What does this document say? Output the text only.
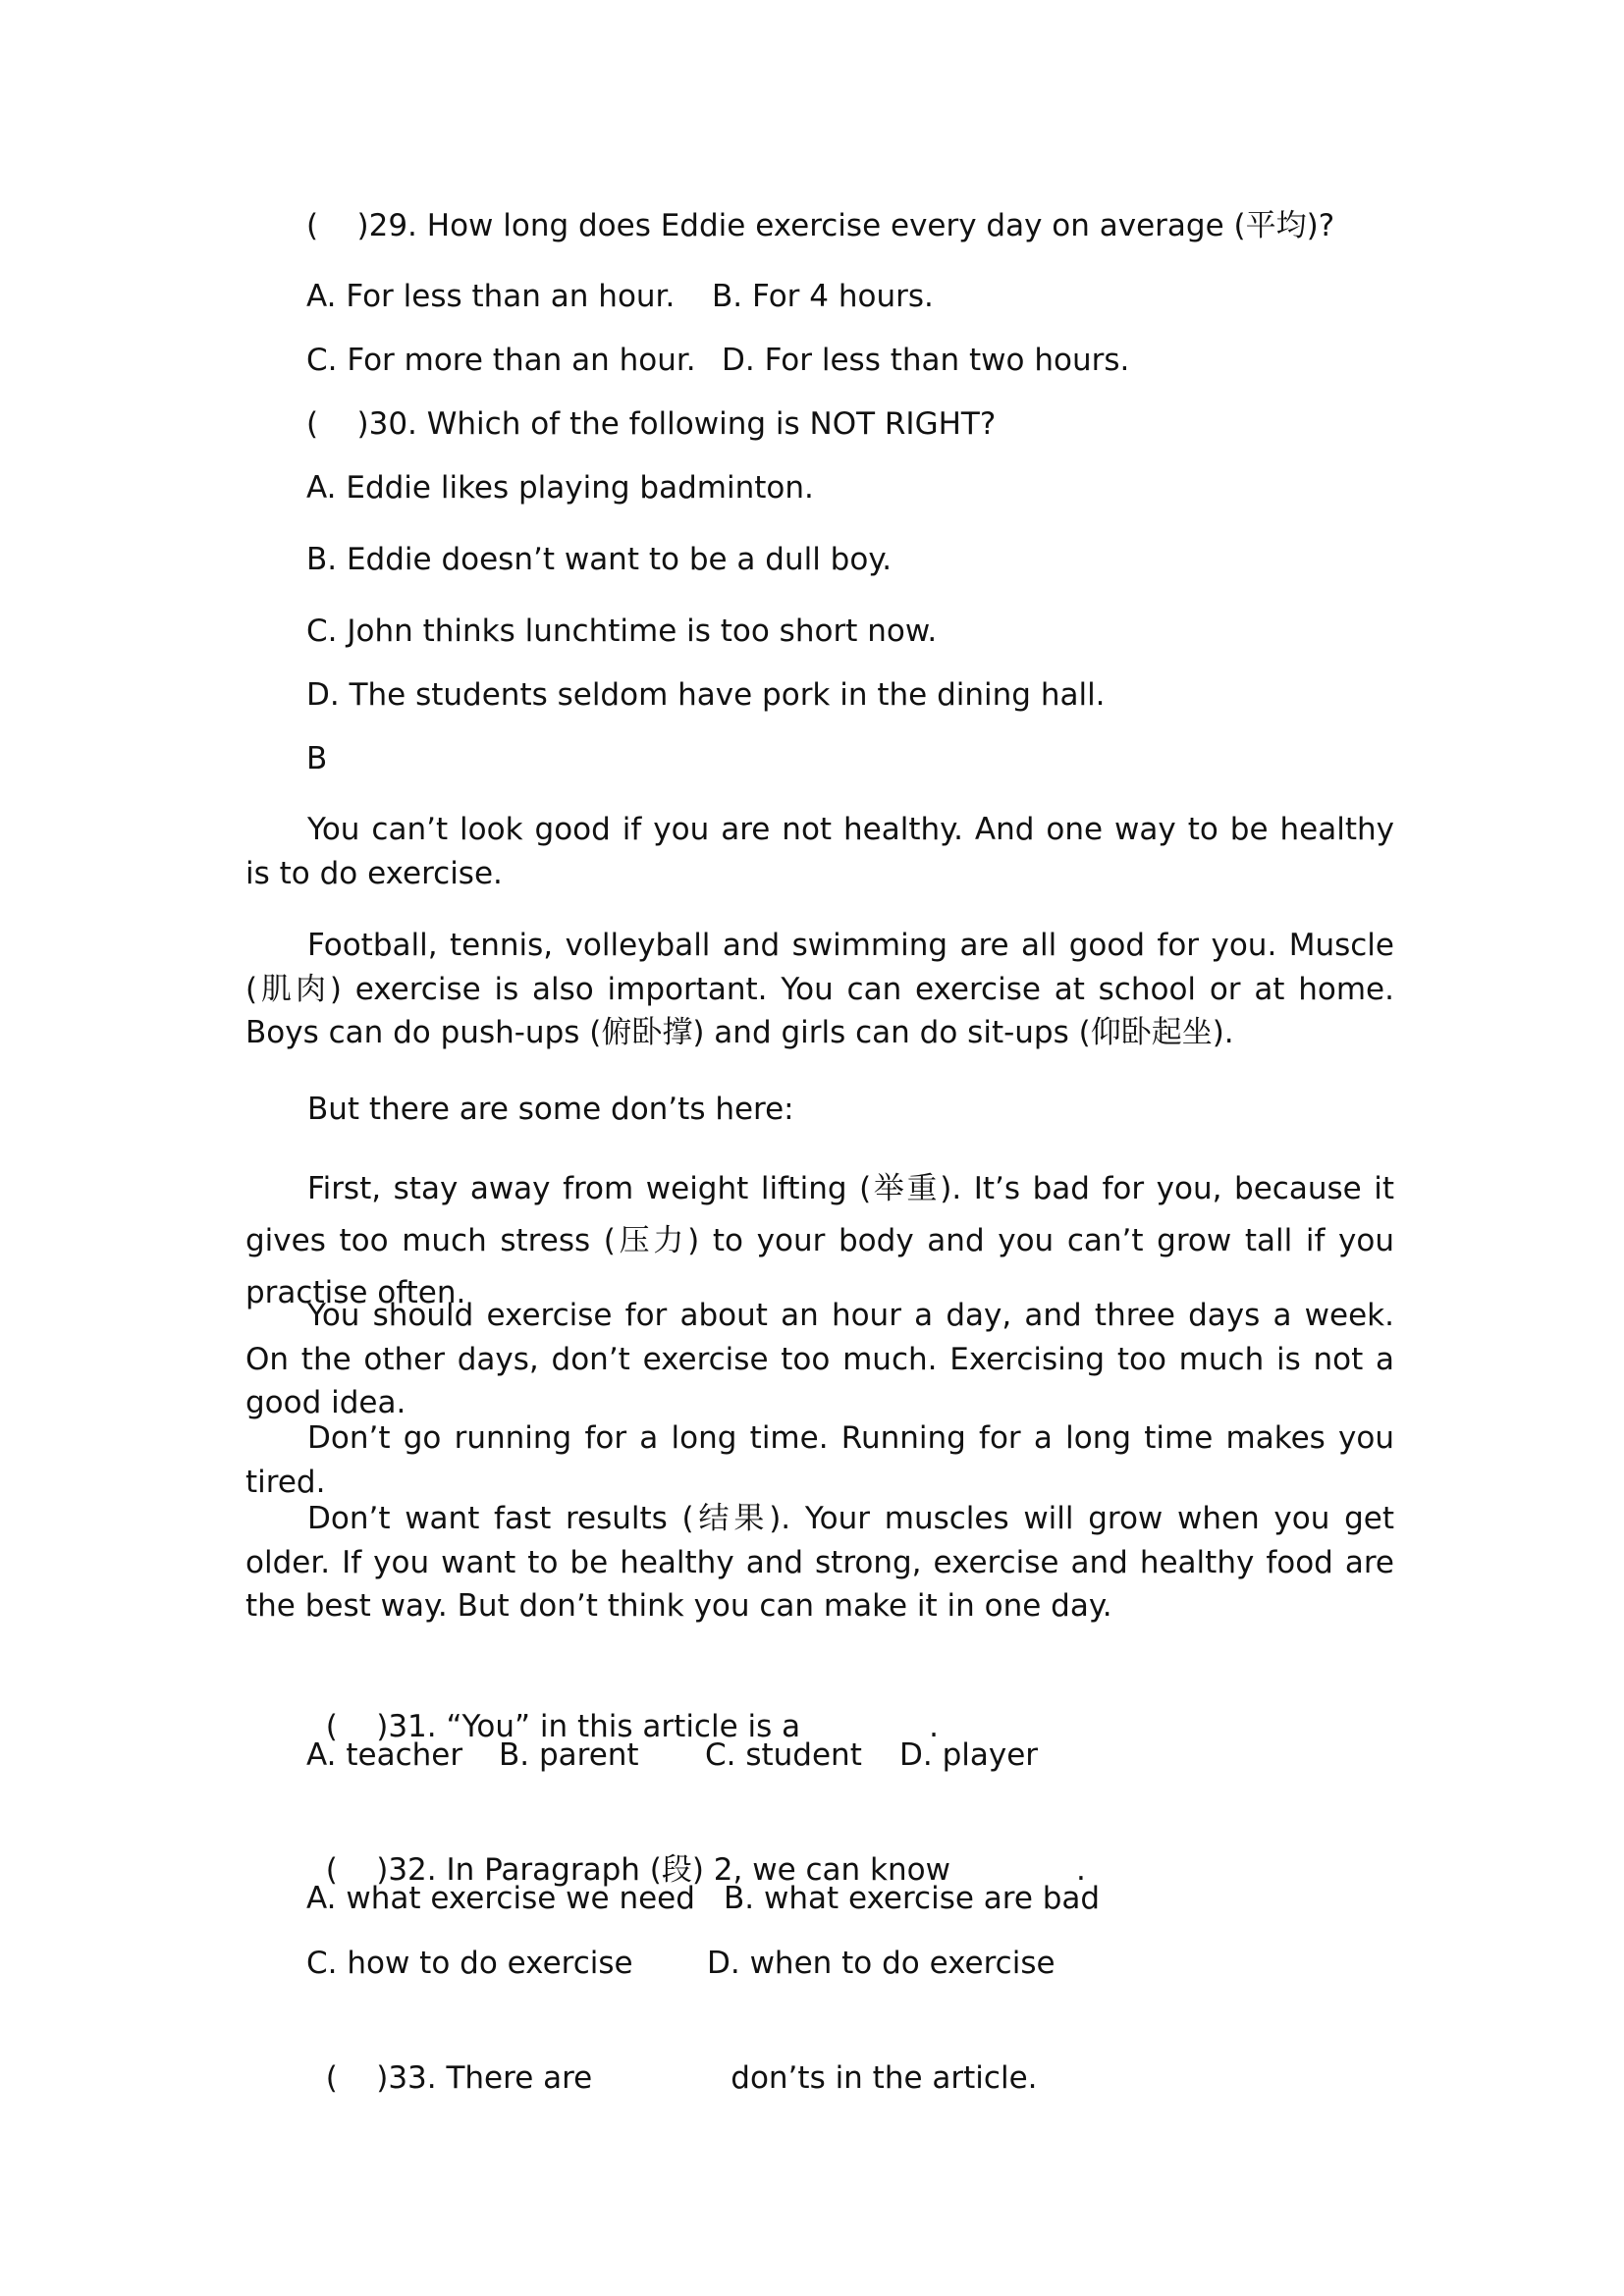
(    )29. How long does Eddie exercise every day on average (平均)?
A. For less than an hour. B. For 4 hours.
C. For more than an hour. D. For less than two hours.
(    )30. Which of the following is NOT RIGHT?
A. Eddie likes playing badminton.
B. Eddie doesn’t want to be a dull boy.
C. John thinks lunchtime is too short now.
D. The students seldom have pork in the dining hall.
B
You can’t look good if you are not healthy. And one way to be healthy is to do exercise.
Football, tennis, volleyball and swimming are all good for you. Muscle (肌肉) exercise is also important. You can exercise at school or at home. Boys can do push-ups (俯卧撑) and girls can do sit-ups (仰卧起坐).
But there are some don’ts here:
First, stay away from weight lifting (举重). It’s bad for you, because it gives too much stress (压力) to your body and you can’t grow tall if you practise often.
You should exercise for about an hour a day, and three days a week. On the other days, don’t exercise too much. Exercising too much is not a good idea.
Don’t go running for a long time. Running for a long time makes you tired.
Don’t want fast results (结果). Your muscles will grow when you get older. If you want to be healthy and strong, exercise and healthy food are the best way. But don’t think you can make it in one day.

(    )31. “You” in this article is a	.

A. teacher B. parent C. student D. player

(    )32. In Paragraph (段) 2, we can know	.

A. what exercise we need B. what exercise are bad
C. how to do exercise D. when to do exercise

(    )33. There are	don’ts in the article.
